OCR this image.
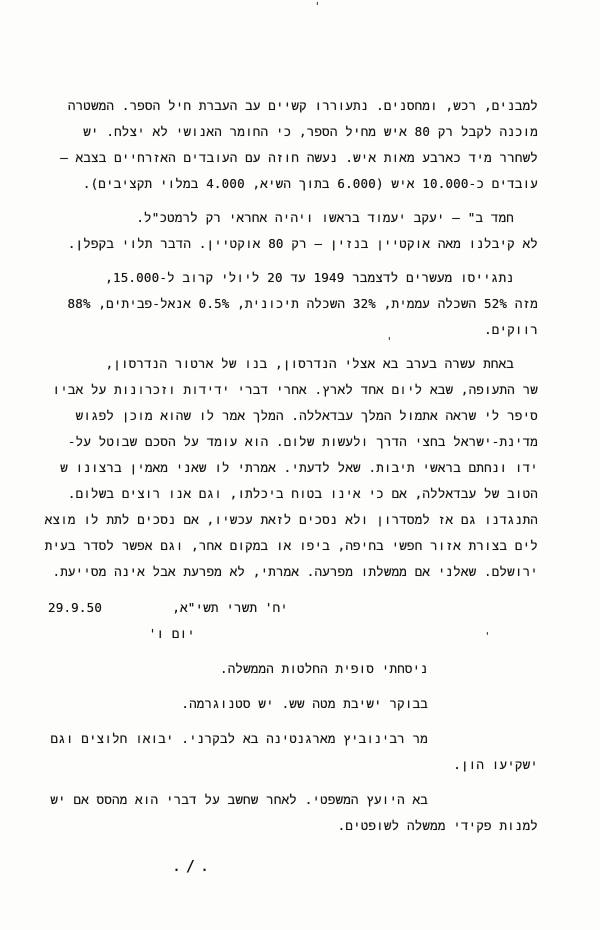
'
'
'
למבנים, רכש, ומחסנים. נתעוררו קשיים עב העברת חיל הספר. המשטרה
מוכנה לקבל רק 80 איש מחיל הספר, כי החומר האנושי לא יצלח. יש
לשחרר מיד כארבע מאות איש. נעשה חוזה עם העובדים האזרחיים בצבא –
עובדים כ-10.000 איש (6.000 בתוך השיא, 4.000 במלוי תקציבים).
חמד ב" – יעקב יעמוד בראשו ויהיה אחראי רק לרמטכ"ל.
לא קיבלנו מאה אוקטיין בנזין – רק 80 אוקטיין. הדבר תלוי בקפלן.
נתגייסו מעשרים לדצמבר 1949 עד 20 ליולי קרוב ל-15.000,
מזה 52% השכלה עממית, 32% השכלה תיכונית, 0.5% אנאל-פביתים, 88%
רווקים.
באחת עשרה בערב בא אצלי הנדרסון, בנו של ארטור הנדרסון,
שר התעופה, שבא ליום אחד לארץ. אחרי דברי ידידות וזכרונות על אביו
סיפר לי שראה אתמול המלך עבדאללה. המלך אמר לו שהוא מוכן לפגוש
מדינת-ישראל בחצי הדרך ולעשות שלום. הוא עומד על הסכם שבוטל על-
ידו ונחתם בראשי תיבות. שאל לדעתי. אמרתי לו שאני מאמין ברצונו ש
הטוב של עבדאללה, אם כי אינו בטוח ביכלתו, וגם אנו רוצים בשלום.
התנגדנו גם אז למסדרון ולא נסכים לזאת עכשיו, אם נסכים לתת לו מוצא
לים בצורת אזור חפשי בחיפה, ביפו או במקום אחר, וגם אפשר לסדר בעית
ירושלם. שאלני אם ממשלתו מפרעה. אמרתי, לא מפרעת אבל אינה מסייעת.
יח' תשרי תשי"א,
29.9.50
יום ו'
ניסחתי סופית החלטות הממשלה.
בבוקר ישיבת מטה שש. יש סטנוגרמה.
מר רבינוביץ מארגנטינה בא לבקרני. יבואו חלוצים וגם
ישקיעו הון.
בא היועץ המשפטי. לאחר שחשב על דברי הוא מהסס אם יש
למנות פקידי ממשלה לשופטים.
./.
